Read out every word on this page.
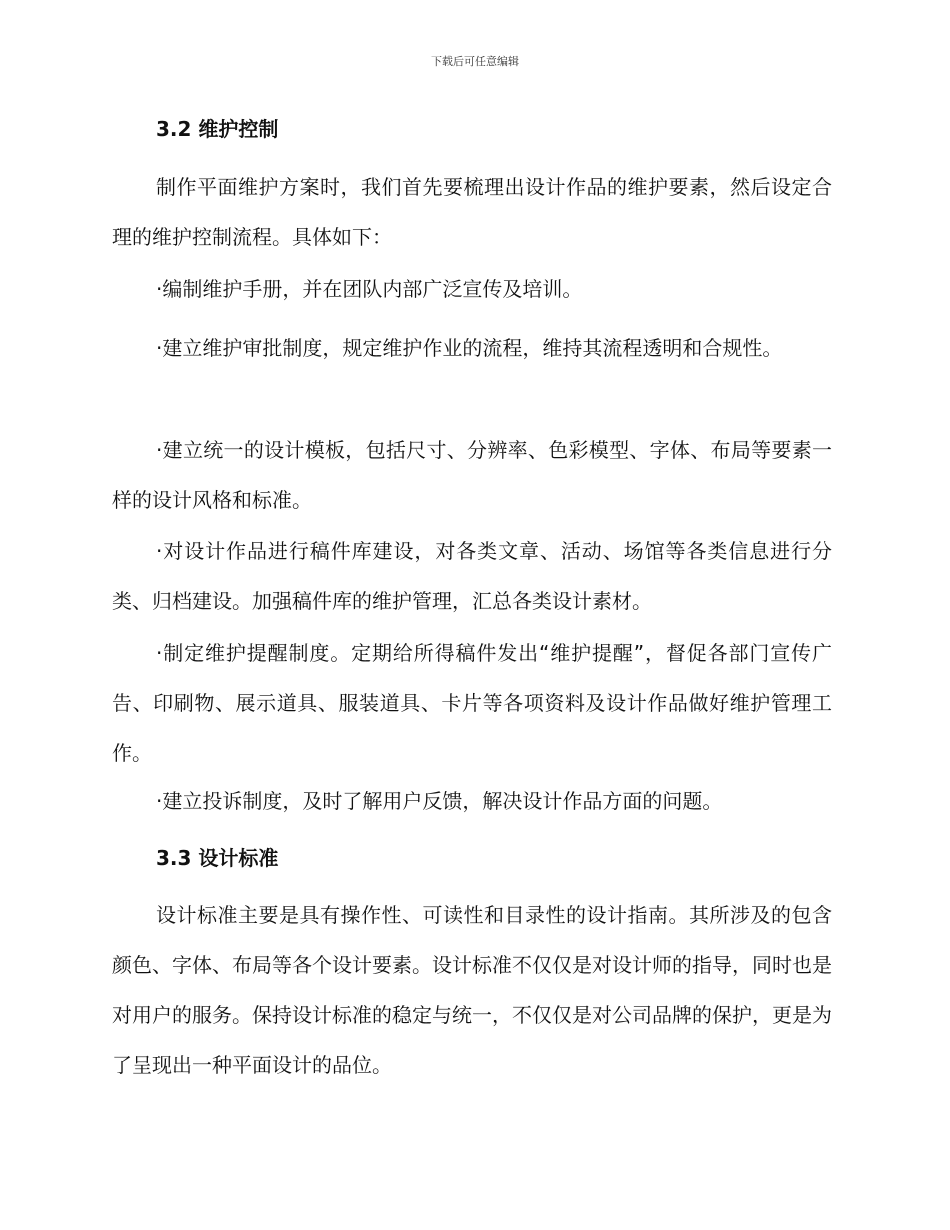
下载后可任意编辑
3.2 维护控制
制作平面维护方案时，我们首先要梳理出设计作品的维护要素，然后设定合理的维护控制流程。具体如下：
·编制维护手册，并在团队内部广泛宣传及培训。
·建立维护审批制度，规定维护作业的流程，维持其流程透明和合规性。
·建立统一的设计模板，包括尺寸、分辨率、色彩模型、字体、布局等要素一样的设计风格和标准。
·对设计作品进行稿件库建设，对各类文章、活动、场馆等各类信息进行分类、归档建设。加强稿件库的维护管理，汇总各类设计素材。
·制定维护提醒制度。定期给所得稿件发出“维护提醒”，督促各部门宣传广告、印刷物、展示道具、服装道具、卡片等各项资料及设计作品做好维护管理工作。
·建立投诉制度，及时了解用户反馈，解决设计作品方面的问题。
3.3 设计标准
设计标准主要是具有操作性、可读性和目录性的设计指南。其所涉及的包含颜色、字体、布局等各个设计要素。设计标准不仅仅是对设计师的指导，同时也是对用户的服务。保持设计标准的稳定与统一，不仅仅是对公司品牌的保护，更是为了呈现出一种平面设计的品位。
